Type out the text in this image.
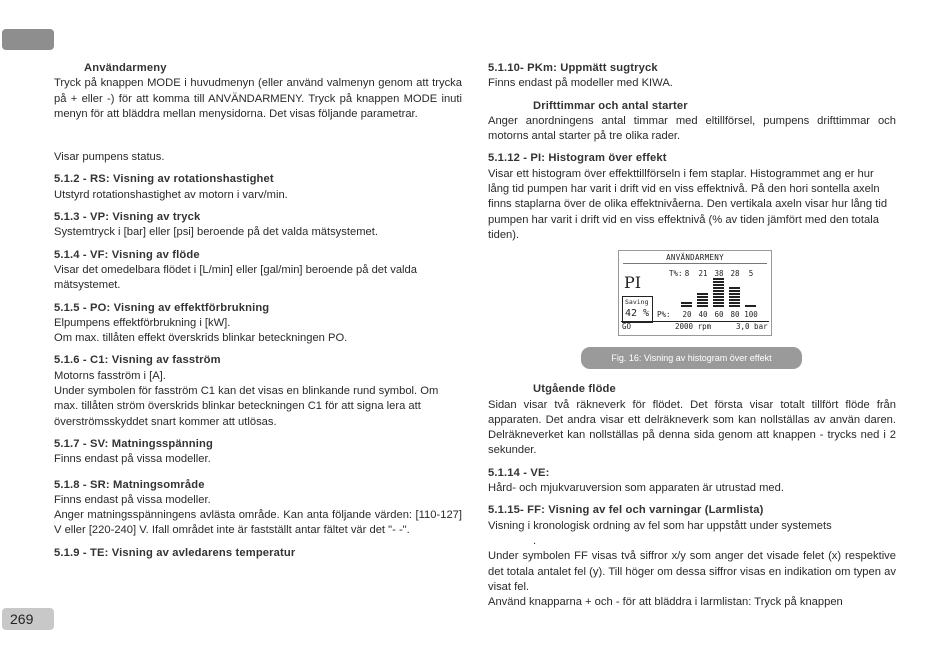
Användarmeny

Tryck på knappen MODE i huvudmenyn (eller använd valmenyn genom att trycka på + eller -) för att komma till ANVÄNDARMENY. Tryck på knappen MODE inuti menyn för att bläddra mellan menysidorna. Det visas följande parametrar.

Visar pumpens status.

5.1.2 - RS: Visning av rotationshastighet

Utstyrd rotationshastighet av motorn i varv/min.

5.1.3 - VP: Visning av tryck

Systemtryck i [bar] eller [psi] beroende på det valda mätsystemet.

5.1.4 - VF: Visning av flöde

Visar det omedelbara flödet i [L/min] eller [gal/min] beroende på det valda mätsystemet.

5.1.5 - PO: Visning av effektförbrukning

Elpumpens effektförbrukning i [kW].

Om max. tillåten effekt överskrids blinkar beteckningen PO.

5.1.6 - C1: Visning av fasström

Motorns fasström i [A].

Under symbolen för fasström C1 kan det visas en blinkande rund symbol. Om max. tillåten ström överskrids blinkar beteckningen C1 för att signa lera att överströmsskyddet snart kommer att utlösas.

5.1.7 - SV: Matningsspänning

Finns endast på vissa modeller.

5.1.8 - SR: Matningsområde

Finns endast på vissa modeller.

Anger matningsspänningens avlästa område. Kan anta följande värden: [110-127] V eller [220-240] V. Ifall området inte är fastställt antar fältet vär det "- -".

5.1.9 - TE: Visning av avledarens temperatur

5.1.10- PKm: Uppmätt sugtryck

Finns endast på modeller med KIWA.

Drifttimmar och antal starter

Anger anordningens antal timmar med eltillförsel, pumpens drifttimmar och motorns antal starter på tre olika rader.

5.1.12 - PI: Histogram över effekt

Visar ett histogram över effekttillförseln i fem staplar. Histogrammet ang er hur lång tid pumpen har varit i drift vid en viss effektnivå. På den hori sontella axeln finns staplarna över de olika effektnivåerna. Den vertikala axeln visar hur lång tid pumpen har varit i drift vid en viss effektnivå (% av tiden jämfört med den totala tiden).

Utgående flöde

Sidan visar två räkneverk för flödet. Det första visar totalt tillfört flöde från apparaten. Det andra visar ett delräkneverk som kan nollställas av använ daren. Delräkneverket kan nollställas på denna sida genom att knappen - trycks ned i 2 sekunder.

5.1.14 - VE:

Hård- och mjukvaruversion som apparaten är utrustad med.

5.1.15- FF: Visning av fel och varningar (Larmlista)

Visning i kronologisk ordning av fel som har uppstått under systemets

.

Under symbolen FF visas två siffror x/y som anger det visade felet (x) respektive det totala antalet fel (y). Till höger om dessa siffror visas en indikation om typen av visat fel.

Använd knapparna + och - för att bläddra i larmlistan: Tryck på knappen

ANVÄNDARMENY
PI	T%: 8	21 38 28	5
Saving
42 % P%:	20 40 60 80 100
GO	2000 rpm	3,0 bar
Fig. 16: Visning av histogram över effekt
269
